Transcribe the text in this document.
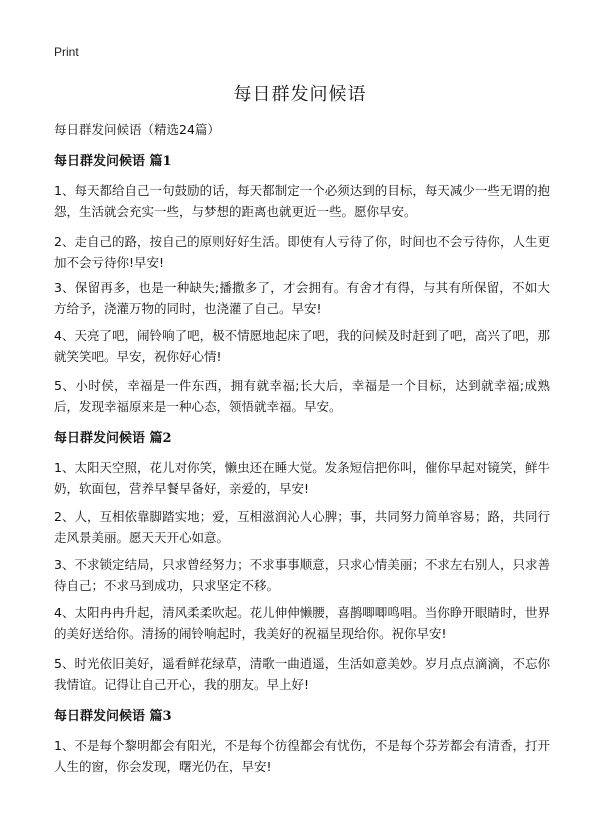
Print
每日群发问候语
每日群发问候语（精选24篇）
每日群发问候语 篇1

1、每天都给自己一句鼓励的话，每天都制定一个必须达到的目标，每天减少一些无谓的抱怨，生活就会充实一些，与梦想的距离也就更近一些。愿你早安。

2、走自己的路，按自己的原则好好生活。即使有人亏待了你，时间也不会亏待你，人生更加不会亏待你!早安!

3、保留再多，也是一种缺失;播撒多了，才会拥有。有舍才有得，与其有所保留，不如大方给予，浇灌万物的同时，也浇灌了自己。早安!

4、天亮了吧，闹铃响了吧，极不情愿地起床了吧，我的问候及时赶到了吧，高兴了吧，那就笑笑吧。早安，祝你好心情!

5、小时侯，幸福是一件东西，拥有就幸福;长大后，幸福是一个目标，达到就幸福;成熟后，发现幸福原来是一种心态，领悟就幸福。早安。

每日群发问候语 篇2

1、太阳天空照，花儿对你笑，懒虫还在睡大觉。发条短信把你叫，催你早起对镜笑，鲜牛奶，软面包，营养早餐早备好，亲爱的，早安!

2、人，互相依靠脚踏实地；爱，互相滋润沁人心脾；事，共同努力简单容易；路，共同行走风景美丽。愿天天开心如意。

3、不求锁定结局，只求曾经努力；不求事事顺意，只求心情美丽；不求左右别人，只求善待自己；不求马到成功，只求坚定不移。

4、太阳冉冉升起，清风柔柔吹起。花儿伸伸懒腰，喜鹊唧唧鸣唱。当你睁开眼睛时，世界的美好送给你。清扬的闹铃响起时，我美好的祝福呈现给你。祝你早安!

5、时光依旧美好，遥看鲜花绿草，清歌一曲逍遥，生活如意美妙。岁月点点滴滴，不忘你我情谊。记得让自己开心，我的朋友。早上好!

每日群发问候语 篇3

1、不是每个黎明都会有阳光，不是每个彷徨都会有忧伤，不是每个芬芳都会有清香，打开人生的窗，你会发现，曙光仍在，早安!
